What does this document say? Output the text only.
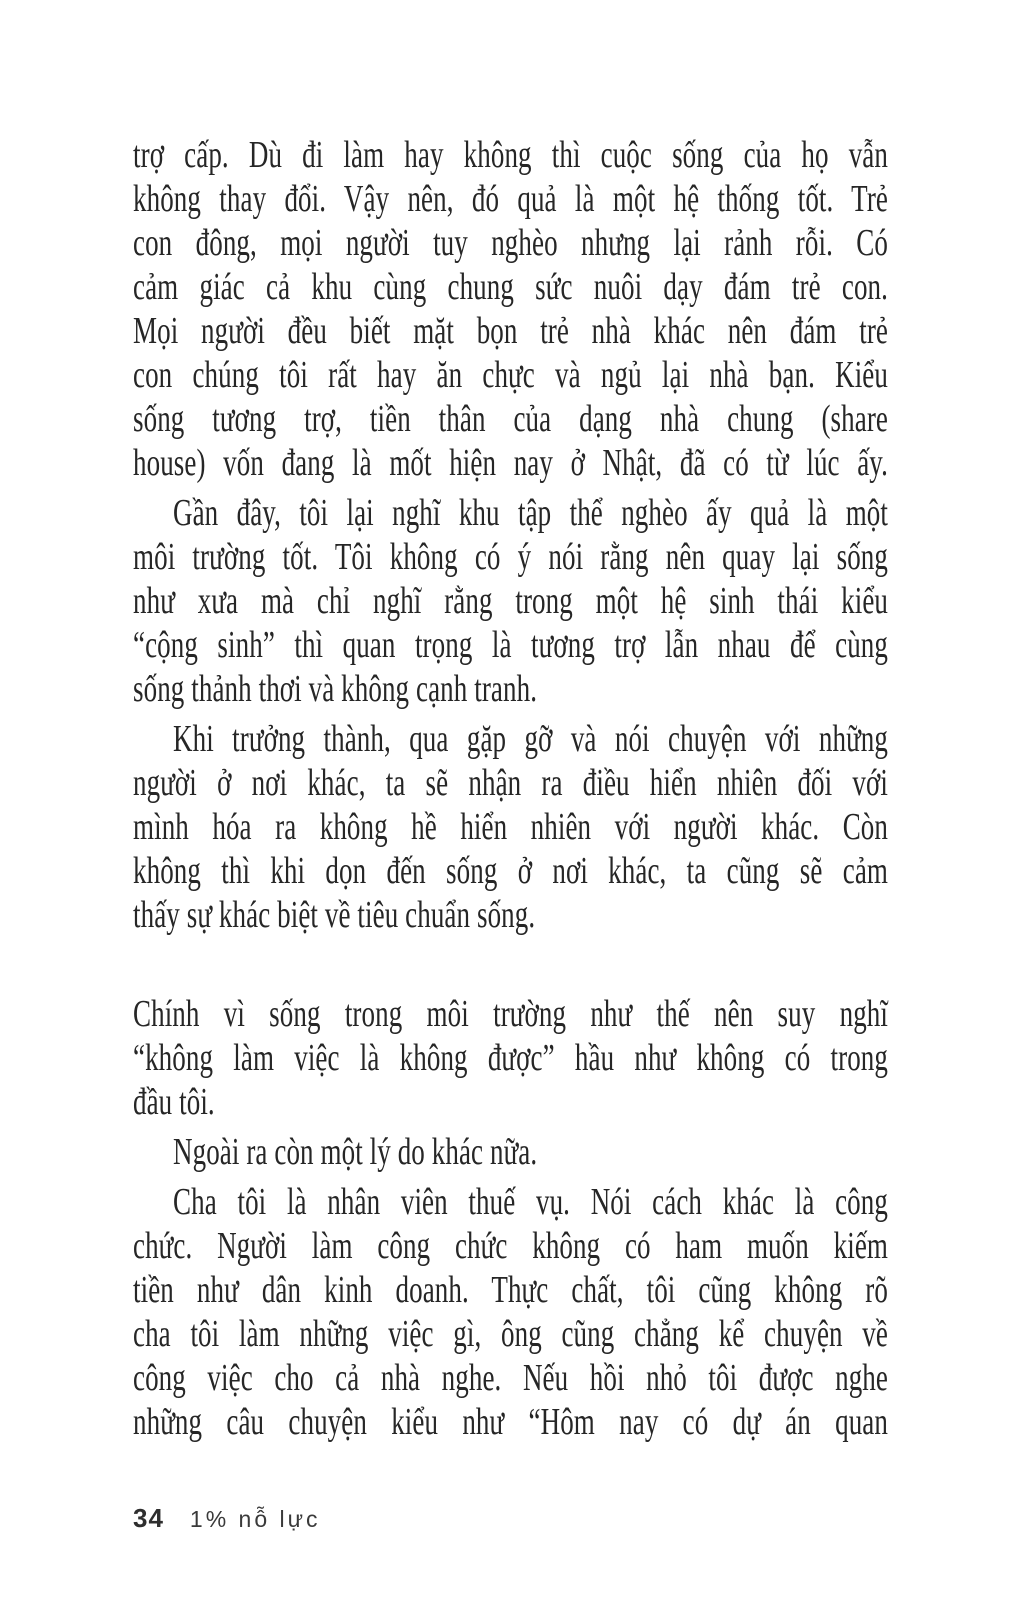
trợ cấp. Dù đi làm hay không thì cuộc sống của họ vẫn
không thay đổi. Vậy nên, đó quả là một hệ thống tốt. Trẻ
con đông, mọi người tuy nghèo nhưng lại rảnh rỗi. Có
cảm giác cả khu cùng chung sức nuôi dạy đám trẻ con.
Mọi người đều biết mặt bọn trẻ nhà khác nên đám trẻ
con chúng tôi rất hay ăn chực và ngủ lại nhà bạn. Kiểu
sống tương trợ, tiền thân của dạng nhà chung (share
house) vốn đang là mốt hiện nay ở Nhật, đã có từ lúc ấy.
Gần đây, tôi lại nghĩ khu tập thể nghèo ấy quả là một
môi trường tốt. Tôi không có ý nói rằng nên quay lại sống
như xưa mà chỉ nghĩ rằng trong một hệ sinh thái kiểu
“cộng sinh” thì quan trọng là tương trợ lẫn nhau để cùng
sống thảnh thơi và không cạnh tranh.
Khi trưởng thành, qua gặp gỡ và nói chuyện với những
người ở nơi khác, ta sẽ nhận ra điều hiển nhiên đối với
mình hóa ra không hề hiển nhiên với người khác. Còn
không thì khi dọn đến sống ở nơi khác, ta cũng sẽ cảm
thấy sự khác biệt về tiêu chuẩn sống.
Chính vì sống trong môi trường như thế nên suy nghĩ
“không làm việc là không được” hầu như không có trong
đầu tôi.
Ngoài ra còn một lý do khác nữa.
Cha tôi là nhân viên thuế vụ. Nói cách khác là công
chức. Người làm công chức không có ham muốn kiếm
tiền như dân kinh doanh. Thực chất, tôi cũng không rõ
cha tôi làm những việc gì, ông cũng chẳng kể chuyện về
công việc cho cả nhà nghe. Nếu hồi nhỏ tôi được nghe
những câu chuyện kiểu như “Hôm nay có dự án quan
34 1% nỗ lực
